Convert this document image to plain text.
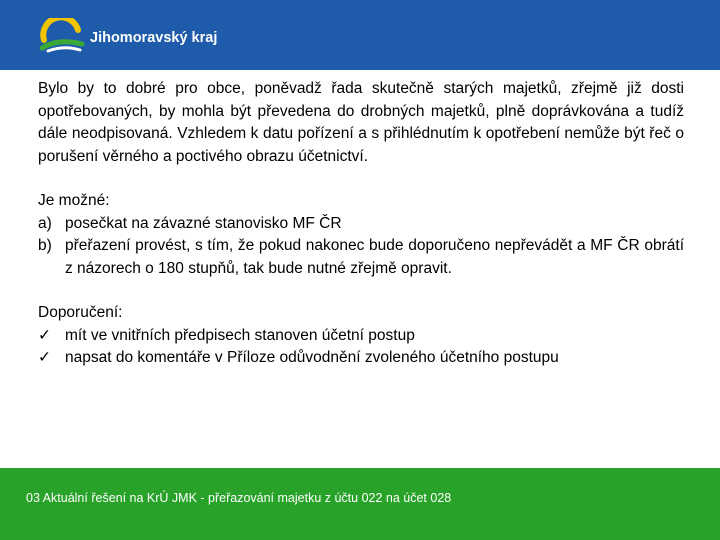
Jihomoravský kraj

Bylo by to dobré pro obce, poněvadž řada skutečně starých majetků, zřejmě již dosti opotřebovaných, by mohla být převedena do drobných majetků, plně doprávkována a tudíž dále neodpisovaná. Vzhledem k datu pořízení a s přihlédnutím k opotřebení nemůže být řeč o porušení věrného a poctivého obrazu účetnictví.

Je možné:
a) posečkat na závazné stanovisko MF ČR
b) přeřazení provést, s tím, že pokud nakonec bude doporučeno nepřevádět a MF ČR obrátí z názorech o 180 stupňů, tak bude nutné zřejmě opravit.
Doporučení:
✓ mít ve vnitřních předpisech stanoven účetní postup
✓ napsat do komentáře v Příloze odůvodnění zvoleného účetního postupu
03 Aktuální řešení na KrÚ JMK - přeřazování majetku z účtu 022 na účet 028
